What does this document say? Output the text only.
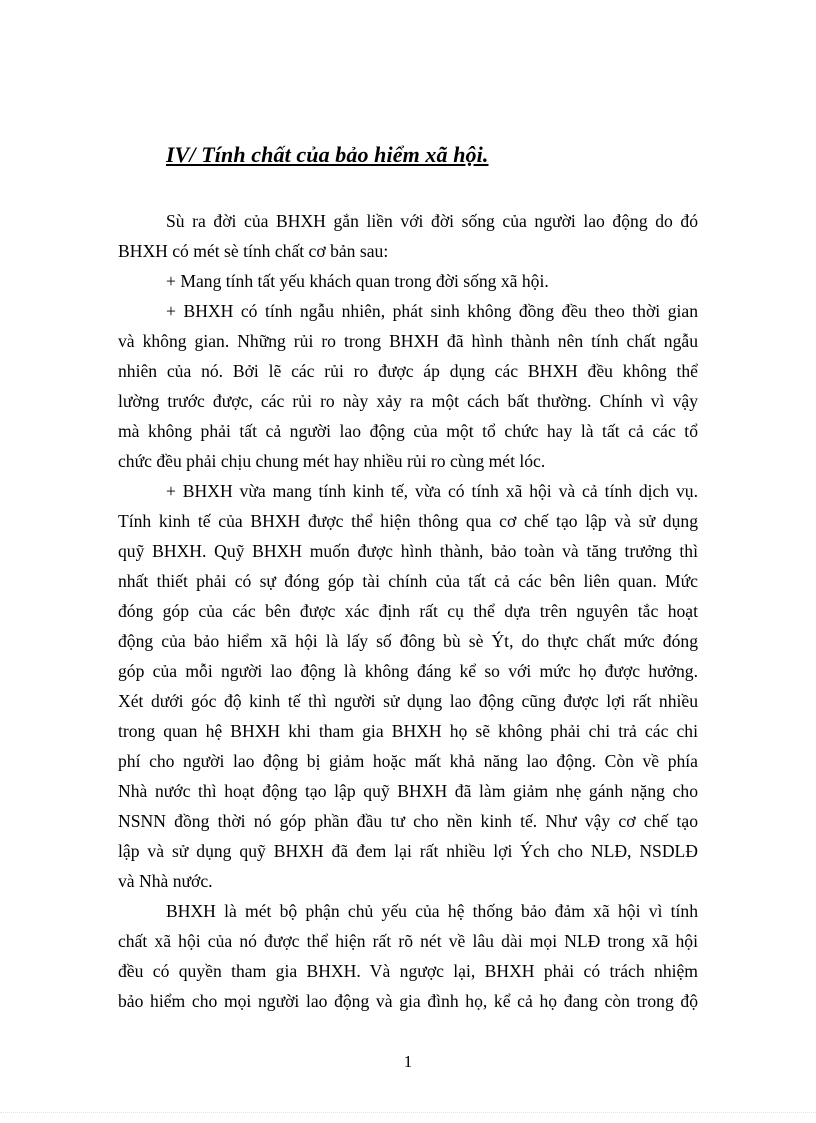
IV/ Tính chất của bảo hiểm xã hội.
Sù ra đời của BHXH gắn liền với đời sống của người lao động do đó
BHXH có mét sè tính chất cơ bản sau:
+ Mang tính tất yếu khách quan trong đời sống xã hội.
+ BHXH có tính ngẫu nhiên, phát sinh không đồng đều theo thời gian
và không gian. Những rủi ro trong BHXH đã hình thành nên tính chất ngẫu
nhiên của nó. Bởi lẽ các rủi ro được áp dụng các BHXH đều không thể
lường trước được, các rủi ro này xảy ra một cách bất thường. Chính vì vậy
mà không phải tất cả người lao động của một tổ chức hay là tất cả các tổ
chức đều phải chịu chung mét hay nhiều rủi ro cùng mét lóc.
+ BHXH vừa mang tính kinh tế, vừa có tính xã hội và cả tính dịch vụ.
Tính kinh tế của BHXH được thể hiện thông qua cơ chế tạo lập và sử dụng
quỹ BHXH. Quỹ BHXH muốn được hình thành, bảo toàn và tăng trưởng thì
nhất thiết phải có sự đóng góp tài chính của tất cả các bên liên quan. Mức
đóng góp của các bên được xác định rất cụ thể dựa trên nguyên tắc hoạt
động của bảo hiểm xã hội là lấy số đông bù sè Ýt, do thực chất mức đóng
góp của mỗi người lao động là không đáng kể so với mức họ được hưởng.
Xét dưới góc độ kinh tế thì người sử dụng lao động cũng được lợi rất nhiều
trong quan hệ BHXH khi tham gia BHXH họ sẽ không phải chi trả các chi
phí cho người lao động bị giảm hoặc mất khả năng lao động. Còn về phía
Nhà nước thì hoạt động tạo lập quỹ BHXH đã làm giảm nhẹ gánh nặng cho
NSNN đồng thời nó góp phần đầu tư cho nền kinh tế. Như vậy cơ chế tạo
lập và sử dụng quỹ BHXH đã đem lại rất nhiều lợi Ých cho NLĐ, NSDLĐ
và Nhà nước.
BHXH là mét bộ phận chủ yếu của hệ thống bảo đảm xã hội vì tính
chất xã hội của nó được thể hiện rất rõ nét về lâu dài mọi NLĐ trong xã hội
đều có quyền tham gia BHXH. Và ngược lại, BHXH phải có trách nhiệm
bảo hiểm cho mọi người lao động và gia đình họ, kể cả họ đang còn trong độ
1
